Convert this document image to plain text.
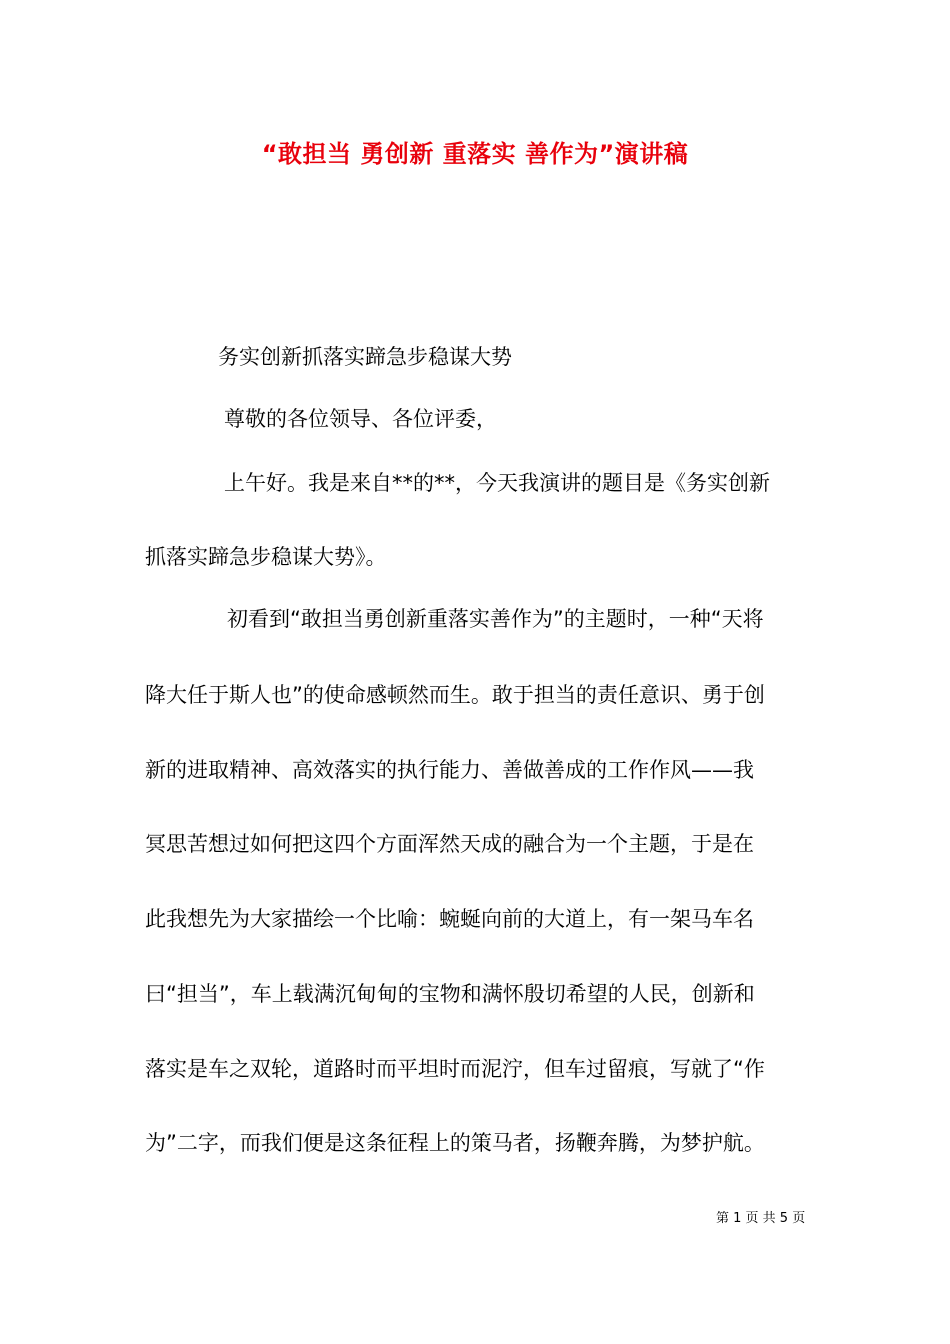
“敢担当 勇创新 重落实 善作为”演讲稿
务实创新抓落实蹄急步稳谋大势
尊敬的各位领导、各位评委，
上午好。我是来自**的**，今天我演讲的题目是《务实创新
抓落实蹄急步稳谋大势》。
初看到“敢担当勇创新重落实善作为”的主题时，一种“天将
降大任于斯人也”的使命感顿然而生。敢于担当的责任意识、勇于创
新的进取精神、高效落实的执行能力、善做善成的工作作风——我
冥思苦想过如何把这四个方面浑然天成的融合为一个主题，于是在
此我想先为大家描绘一个比喻：蜿蜒向前的大道上，有一架马车名
曰“担当”，车上载满沉甸甸的宝物和满怀殷切希望的人民，创新和
落实是车之双轮，道路时而平坦时而泥泞，但车过留痕，写就了“作
为”二字，而我们便是这条征程上的策马者，扬鞭奔腾，为梦护航。
第 1 页 共 5 页
